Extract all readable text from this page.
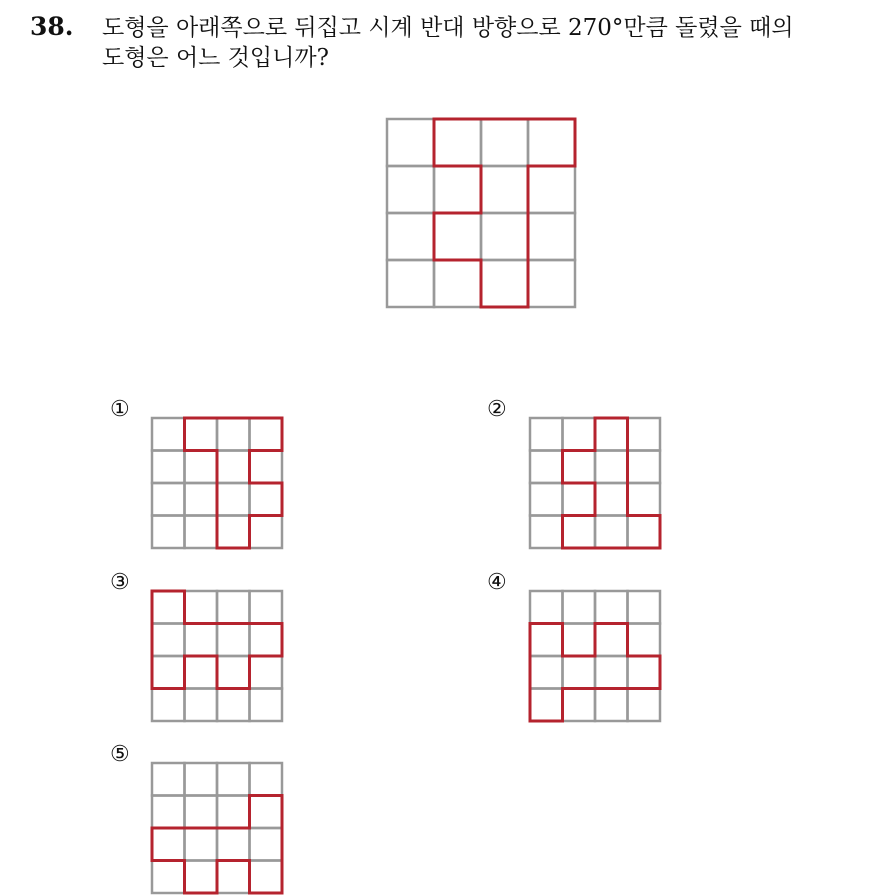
38. 도형을 아래쪽으로 뒤집고 시계 반대 방향으로 270°만큼 돌렸을 때의
도형은 어느 것입니까?
①	②
③	④
⑤
